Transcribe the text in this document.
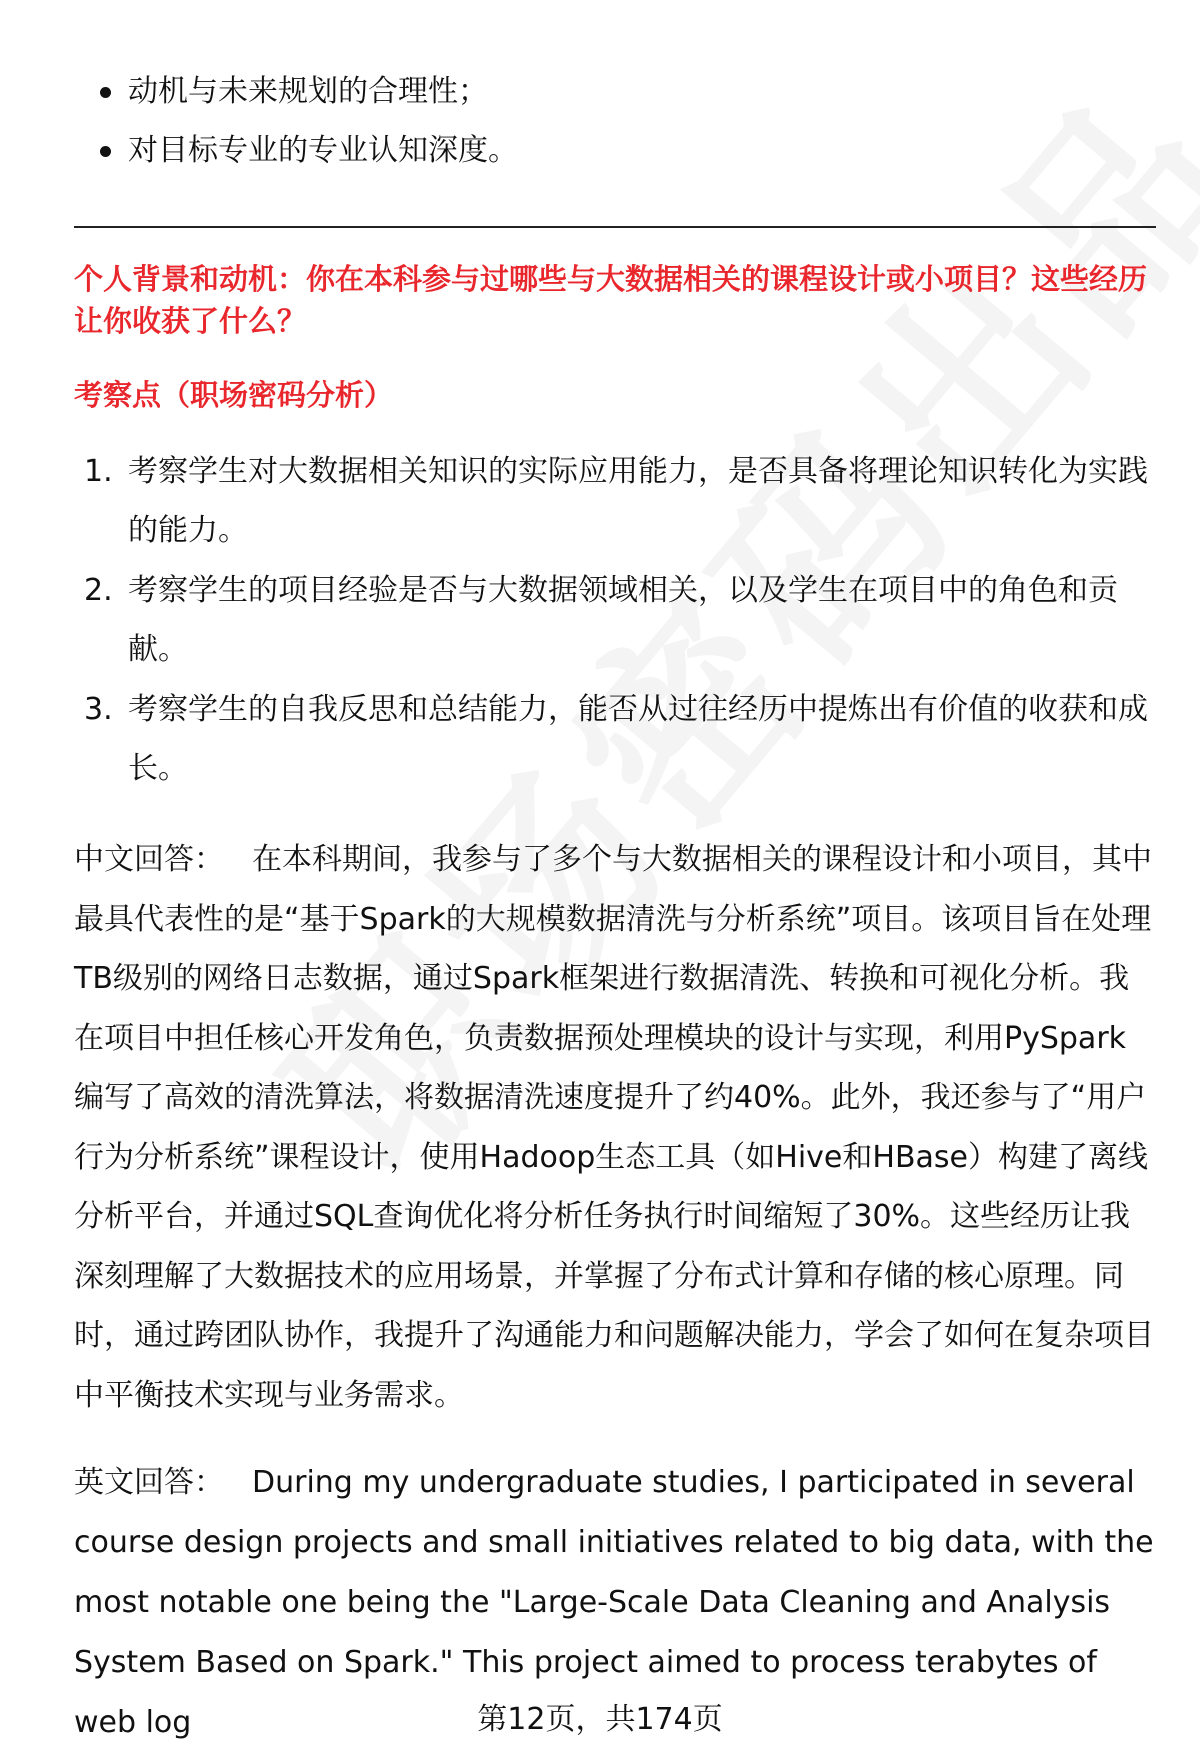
动机与未来规划的合理性；
对目标专业的专业认知深度。
个人背景和动机：你在本科参与过哪些与大数据相关的课程设计或小项目？这些经历让你收获了什么？
考察点（职场密码分析）
1. 考察学生对大数据相关知识的实际应用能力，是否具备将理论知识转化为实践的能力。
2. 考察学生的项目经验是否与大数据领域相关，以及学生在项目中的角色和贡献。
3. 考察学生的自我反思和总结能力，能否从过往经历中提炼出有价值的收获和成长。
中文回答： 在本科期间，我参与了多个与大数据相关的课程设计和小项目，其中最具代表性的是“基于Spark的大规模数据清洗与分析系统”项目。该项目旨在处理TB级别的网络日志数据，通过Spark框架进行数据清洗、转换和可视化分析。我在项目中担任核心开发角色，负责数据预处理模块的设计与实现，利用PySpark编写了高效的清洗算法，将数据清洗速度提升了约40%。此外，我还参与了“用户行为分析系统”课程设计，使用Hadoop生态工具（如Hive和HBase）构建了离线分析平台，并通过SQL查询优化将分析任务执行时间缩短了30%。这些经历让我深刻理解了大数据技术的应用场景，并掌握了分布式计算和存储的核心原理。同时，通过跨团队协作，我提升了沟通能力和问题解决能力，学会了如何在复杂项目中平衡技术实现与业务需求。
英文回答： During my undergraduate studies, I participated in several course design projects and small initiatives related to big data, with the most notable one being the "Large-Scale Data Cleaning and Analysis System Based on Spark." This project aimed to process terabytes of web log	第12页，共174页
